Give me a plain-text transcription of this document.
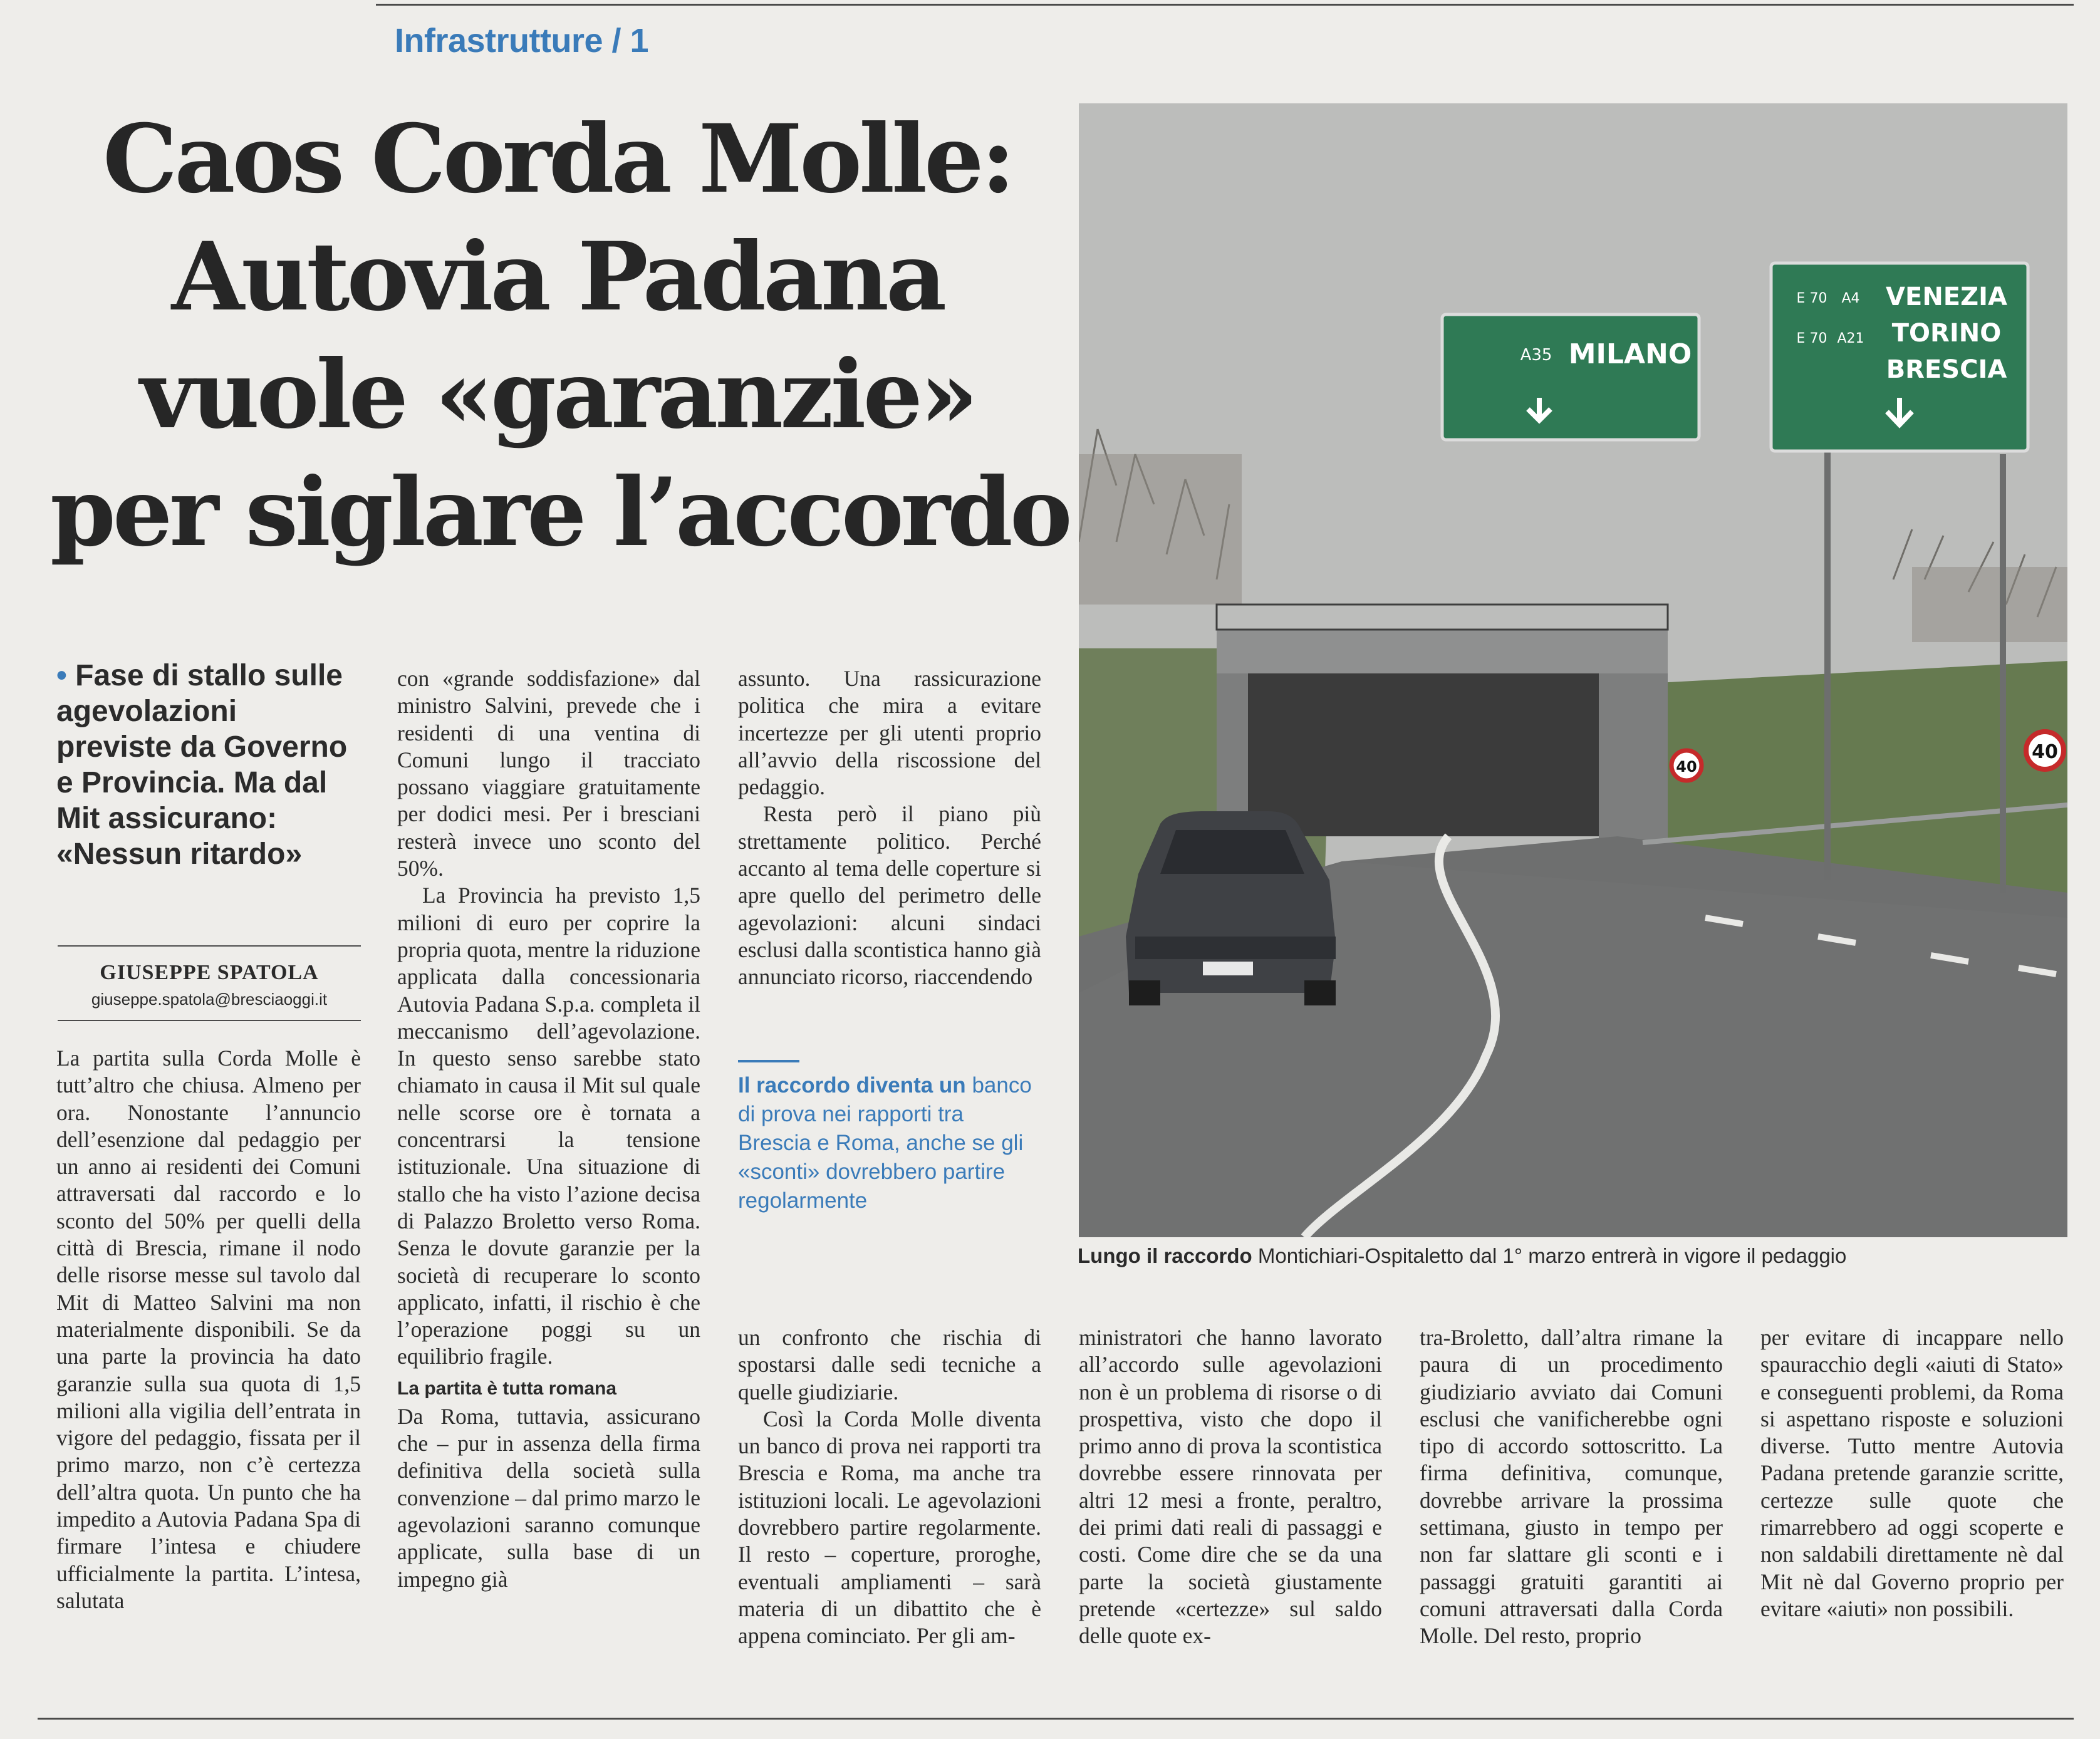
Infrastrutture / 1
Caos Corda Molle:
Autovia Padana
vuole «garanzie»
per siglare l’accordo
• Fase di stallo sulle agevolazioni previste da Governo e Provincia. Ma dal Mit assicurano: «Nessun ritardo»
GIUSEPPE SPATOLA
giuseppe.spatola@bresciaoggi.it

La partita sulla Corda Molle è tutt’altro che chiusa. Almeno per ora. Nonostante l’annuncio dell’esenzione dal pedaggio per un anno ai residenti dei Comuni attraversati dal raccordo e lo sconto del 50% per quelli della città di Brescia, rimane il nodo delle risorse messe sul tavolo dal Mit di Matteo Salvini ma non materialmente disponibili. Se da una parte la provincia ha dato garanzie sulla sua quota di 1,5 milioni alla vigilia dell’entrata in vigore del pedaggio, fissata per il primo marzo, non c’è certezza dell’altra quota. Un punto che ha impedito a Autovia Padana Spa di firmare l’intesa e chiudere ufficialmente la partita. L’intesa, salutata

con «grande soddisfazione» dal ministro Salvini, prevede che i residenti di una ventina di Comuni lungo il tracciato possano viaggiare gratuitamente per dodici mesi. Per i bresciani resterà invece uno sconto del 50%.

La Provincia ha previsto 1,5 milioni di euro per coprire la propria quota, mentre la riduzione applicata dalla concessionaria Autovia Padana S.p.a. completa il meccanismo dell’agevolazione. In questo senso sarebbe stato chiamato in causa il Mit sul quale nelle scorse ore è tornata a concentrarsi la tensione istituzionale. Una situazione di stallo che ha visto l’azione decisa di Palazzo Broletto verso Roma. Senza le dovute garanzie per la società di recuperare lo sconto applicato, infatti, il rischio è che l’operazione poggi su un equilibrio fragile.

La partita è tutta romana

Da Roma, tuttavia, assicurano che – pur in assenza della firma definitiva della società sulla convenzione – dal primo marzo le agevolazioni saranno comunque applicate, sulla base di un impegno già

assunto. Una rassicurazione politica che mira a evitare incertezze per gli utenti proprio all’avvio della riscossione del pedaggio.

Resta però il piano più strettamente politico. Perché accanto al tema delle coperture si apre quello del perimetro delle agevolazioni: alcuni sindaci esclusi dalla scontistica hanno già annunciato ricorso, riaccendendo

Il raccordo diventa un banco di prova nei rapporti tra Brescia e Roma, anche se gli «sconti» dovrebbero partire regolarmente

un confronto che rischia di spostarsi dalle sedi tecniche a quelle giudiziarie.

Così la Corda Molle diventa un banco di prova nei rapporti tra Brescia e Roma, ma anche tra istituzioni locali. Le agevolazioni dovrebbero partire regolarmente. Il resto – coperture, proroghe, eventuali ampliamenti – sarà materia di un dibattito che è appena cominciato. Per gli am-

ministratori che hanno lavorato all’accordo sulle agevolazioni non è un problema di risorse o di prospettiva, visto che dopo il primo anno di prova la scontistica dovrebbe essere rinnovata per altri 12 mesi a fronte, peraltro, dei primi dati reali di passaggi e costi. Come dire che se da una parte la società giustamente pretende «certezze» sul saldo delle quote ex-

tra-Broletto, dall’altra rimane la paura di un procedimento giudiziario avviato dai Comuni esclusi che vanificherebbe ogni tipo di accordo sottoscritto. La firma definitiva, comunque, dovrebbe arrivare la prossima settimana, giusto in tempo per non far slattare gli sconti e i passaggi gratuiti garantiti ai comuni attraversati dalla Corda Molle. Del resto, proprio

per evitare di incappare nello spauracchio degli «aiuti di Stato» e conseguenti problemi, da Roma si aspettano risposte e soluzioni diverse. Tutto mentre Autovia Padana pretende garanzie scritte, certezze sulle quote che rimarrebbero ad oggi scoperte e non saldabili direttamente nè dal Mit nè dal Governo proprio per evitare «aiuti» non possibili.

A35 MILANO
E 70 A4 VENEZIA
TORINO
E 70 A21
BRESCIA
40
40
Lungo il raccordo Montichiari-Ospitaletto dal 1° marzo entrerà in vigore il pedaggio
